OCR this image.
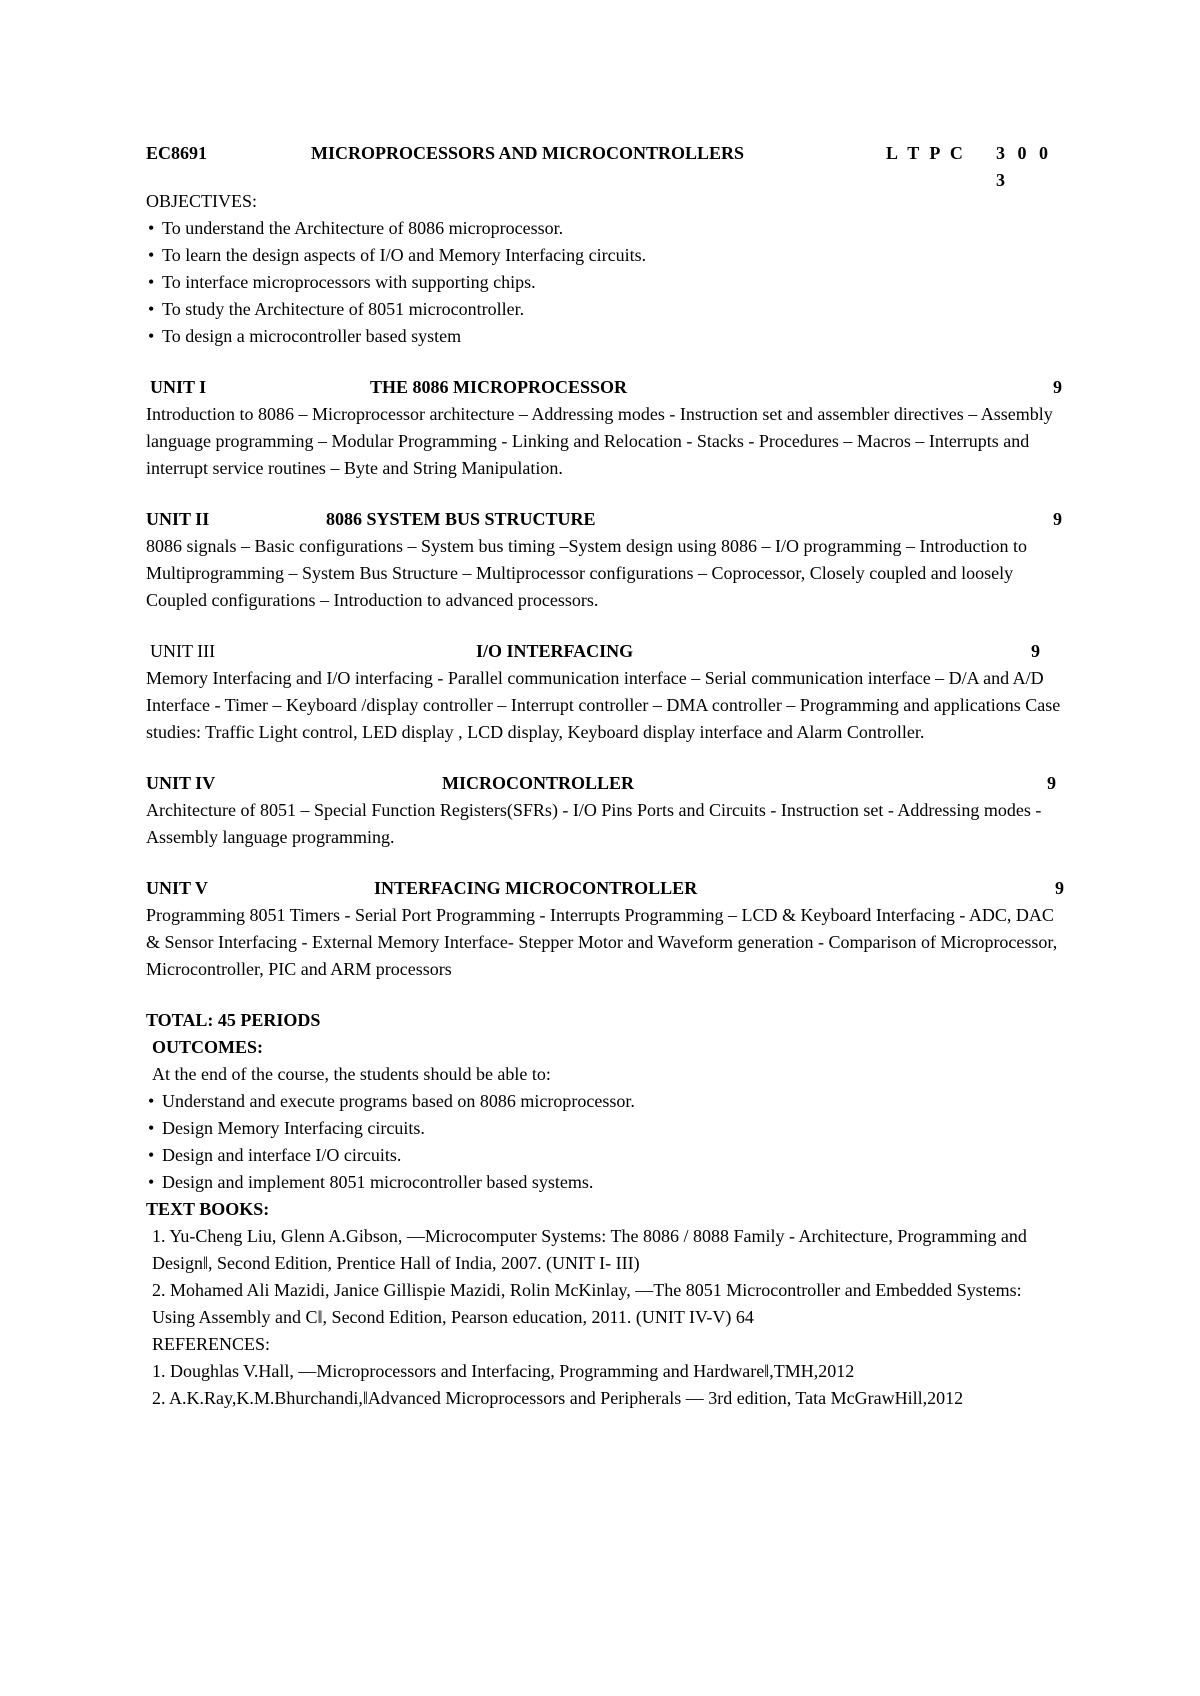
EC8691	MICROPROCESSORS AND MICROCONTROLLERS	L T P C 3 0 0 3
OBJECTIVES:
• To understand the Architecture of 8086 microprocessor.
• To learn the design aspects of I/O and Memory Interfacing circuits.
• To interface microprocessors with supporting chips.
• To study the Architecture of 8051 microcontroller.
• To design a microcontroller based system
UNIT I	THE 8086 MICROPROCESSOR	9

Introduction to 8086 – Microprocessor architecture – Addressing modes - Instruction set and assembler directives – Assembly language programming – Modular Programming - Linking and Relocation - Stacks - Procedures – Macros – Interrupts and interrupt service routines – Byte and String Manipulation.

UNIT II	8086 SYSTEM BUS STRUCTURE	9

8086 signals – Basic configurations – System bus timing –System design using 8086 – I/O programming – Introduction to Multiprogramming – System Bus Structure – Multiprocessor configurations – Coprocessor, Closely coupled and loosely Coupled configurations – Introduction to advanced processors.

UNIT III	I/O INTERFACING	9

Memory Interfacing and I/O interfacing - Parallel communication interface – Serial communication interface – D/A and A/D Interface - Timer – Keyboard /display controller – Interrupt controller – DMA controller – Programming and applications Case studies: Traffic Light control, LED display , LCD display, Keyboard display interface and Alarm Controller.

UNIT IV	MICROCONTROLLER	9

Architecture of 8051 – Special Function Registers(SFRs) - I/O Pins Ports and Circuits - Instruction set - Addressing modes - Assembly language programming.

UNIT V	INTERFACING MICROCONTROLLER	9

Programming 8051 Timers - Serial Port Programming - Interrupts Programming – LCD & Keyboard Interfacing - ADC, DAC & Sensor Interfacing - External Memory Interface- Stepper Motor and Waveform generation - Comparison of Microprocessor, Microcontroller, PIC and ARM processors

TOTAL: 45 PERIODS
OUTCOMES:
At the end of the course, the students should be able to:
• Understand and execute programs based on 8086 microprocessor.
• Design Memory Interfacing circuits.
• Design and interface I/O circuits.
• Design and implement 8051 microcontroller based systems.
TEXT BOOKS:
1. Yu-Cheng Liu, Glenn A.Gibson, —Microcomputer Systems: The 8086 / 8088 Family - Architecture, Programming and Design‖, Second Edition, Prentice Hall of India, 2007. (UNIT I- III)
2. Mohamed Ali Mazidi, Janice Gillispie Mazidi, Rolin McKinlay, —The 8051 Microcontroller and Embedded Systems: Using Assembly and C‖, Second Edition, Pearson education, 2011. (UNIT IV-V) 64
REFERENCES:
1. Doughlas V.Hall, —Microprocessors and Interfacing, Programming and Hardware‖,TMH,2012
2. A.K.Ray,K.M.Bhurchandi,‖Advanced Microprocessors and Peripherals — 3rd edition, Tata McGrawHill,2012
